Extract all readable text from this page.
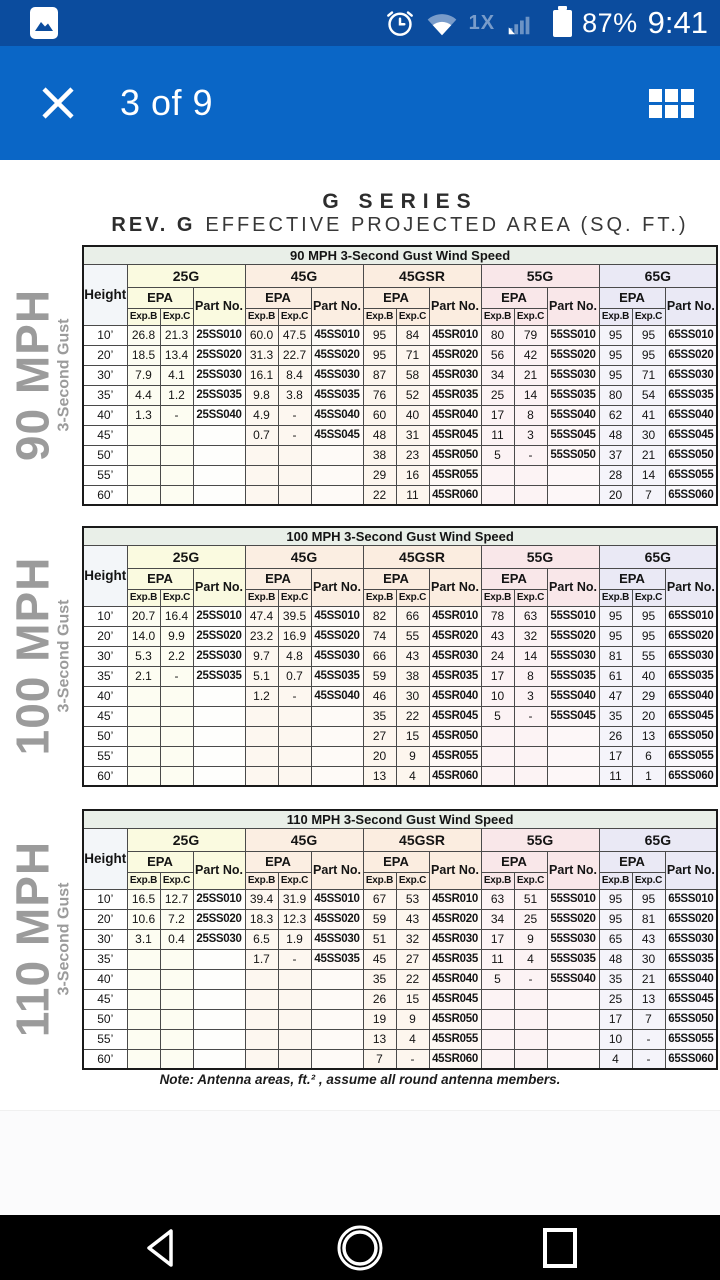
1X	87% 9:41
3 of 9
G SERIES
REV. G EFFECTIVE PROJECTED AREA (SQ. FT.)
90 MPH
3-Second Gust
90 MPH 3-Second Gust Wind Speed															
Height	25G			45G			45GSR			55G			65G		
	EPA		Part No.	EPA		Part No.	EPA		Part No.	EPA		Part No.	EPA		Part No.
	Exp.B	Exp.C		Exp.B	Exp.C		Exp.B	Exp.C		Exp.B	Exp.C		Exp.B	Exp.C	
10’	26.8	21.3	25SS010	60.0	47.5	45SS010	95	84	45SR010	80	79	55SS010	95	95	65SS010
20’	18.5	13.4	25SS020	31.3	22.7	45SS020	95	71	45SR020	56	42	55SS020	95	95	65SS020
30’	7.9	4.1	25SS030	16.1	8.4	45SS030	87	58	45SR030	34	21	55SS030	95	71	65SS030
35’	4.4	1.2	25SS035	9.8	3.8	45SS035	76	52	45SR035	25	14	55SS035	80	54	65SS035
40’	1.3	-	25SS040	4.9	-	45SS040	60	40	45SR040	17	8	55SS040	62	41	65SS040
45’				0.7	-	45SS045	48	31	45SR045	11	3	55SS045	48	30	65SS045
50’							38	23	45SR050	5	-	55SS050	37	21	65SS050
55’							29	16	45SR055				28	14	65SS055
60’							22	11	45SR060				20	7	65SS060
100 MPH
3-Second Gust
100 MPH 3-Second Gust Wind Speed															
Height	25G			45G			45GSR			55G			65G		
	EPA		Part No.	EPA		Part No.	EPA		Part No.	EPA		Part No.	EPA		Part No.
	Exp.B	Exp.C		Exp.B	Exp.C		Exp.B	Exp.C		Exp.B	Exp.C		Exp.B	Exp.C	
10’	20.7	16.4	25SS010	47.4	39.5	45SS010	82	66	45SR010	78	63	55SS010	95	95	65SS010
20’	14.0	9.9	25SS020	23.2	16.9	45SS020	74	55	45SR020	43	32	55SS020	95	95	65SS020
30’	5.3	2.2	25SS030	9.7	4.8	45SS030	66	43	45SR030	24	14	55SS030	81	55	65SS030
35’	2.1	-	25SS035	5.1	0.7	45SS035	59	38	45SR035	17	8	55SS035	61	40	65SS035
40’				1.2	-	45SS040	46	30	45SR040	10	3	55SS040	47	29	65SS040
45’							35	22	45SR045	5	-	55SS045	35	20	65SS045
50’							27	15	45SR050				26	13	65SS050
55’							20	9	45SR055				17	6	65SS055
60’							13	4	45SR060				11	1	65SS060
110 MPH
3-Second Gust
110 MPH 3-Second Gust Wind Speed															
Height	25G			45G			45GSR			55G			65G		
	EPA		Part No.	EPA		Part No.	EPA		Part No.	EPA		Part No.	EPA		Part No.
	Exp.B	Exp.C		Exp.B	Exp.C		Exp.B	Exp.C		Exp.B	Exp.C		Exp.B	Exp.C	
10’	16.5	12.7	25SS010	39.4	31.9	45SS010	67	53	45SR010	63	51	55SS010	95	95	65SS010
20’	10.6	7.2	25SS020	18.3	12.3	45SS020	59	43	45SR020	34	25	55SS020	95	81	65SS020
30’	3.1	0.4	25SS030	6.5	1.9	45SS030	51	32	45SR030	17	9	55SS030	65	43	65SS030
35’				1.7	-	45SS035	45	27	45SR035	11	4	55SS035	48	30	65SS035
40’							35	22	45SR040	5	-	55SS040	35	21	65SS040
45’							26	15	45SR045				25	13	65SS045
50’							19	9	45SR050				17	7	65SS050
55’							13	4	45SR055				10	-	65SS055
60’							7	-	45SR060				4	-	65SS060
Note: Antenna areas, ft.² , assume all round antenna members.
